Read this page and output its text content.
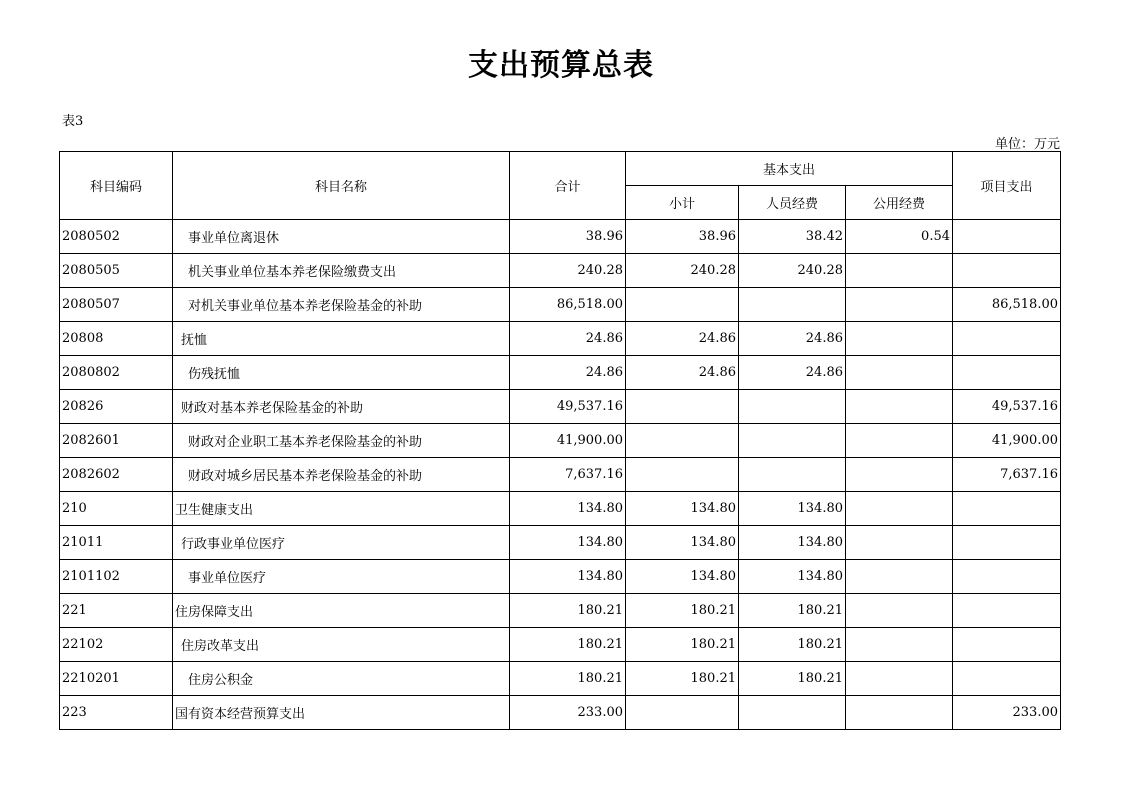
支出预算总表
表3
单位：万元
科目编码	科目名称	合计	基本支出			项目支出
			小计	人员经费	公用经费	
2080502	事业单位离退休	38.96	38.96	38.42	0.54	
2080505	机关事业单位基本养老保险缴费支出	240.28	240.28	240.28		
2080507	对机关事业单位基本养老保险基金的补助	86,518.00				86,518.00
20808	抚恤	24.86	24.86	24.86		
2080802	伤残抚恤	24.86	24.86	24.86		
20826	财政对基本养老保险基金的补助	49,537.16				49,537.16
2082601	财政对企业职工基本养老保险基金的补助	41,900.00				41,900.00
2082602	财政对城乡居民基本养老保险基金的补助	7,637.16				7,637.16
210	卫生健康支出	134.80	134.80	134.80		
21011	行政事业单位医疗	134.80	134.80	134.80		
2101102	事业单位医疗	134.80	134.80	134.80		
221	住房保障支出	180.21	180.21	180.21		
22102	住房改革支出	180.21	180.21	180.21		
2210201	住房公积金	180.21	180.21	180.21		
223	国有资本经营预算支出	233.00				233.00
